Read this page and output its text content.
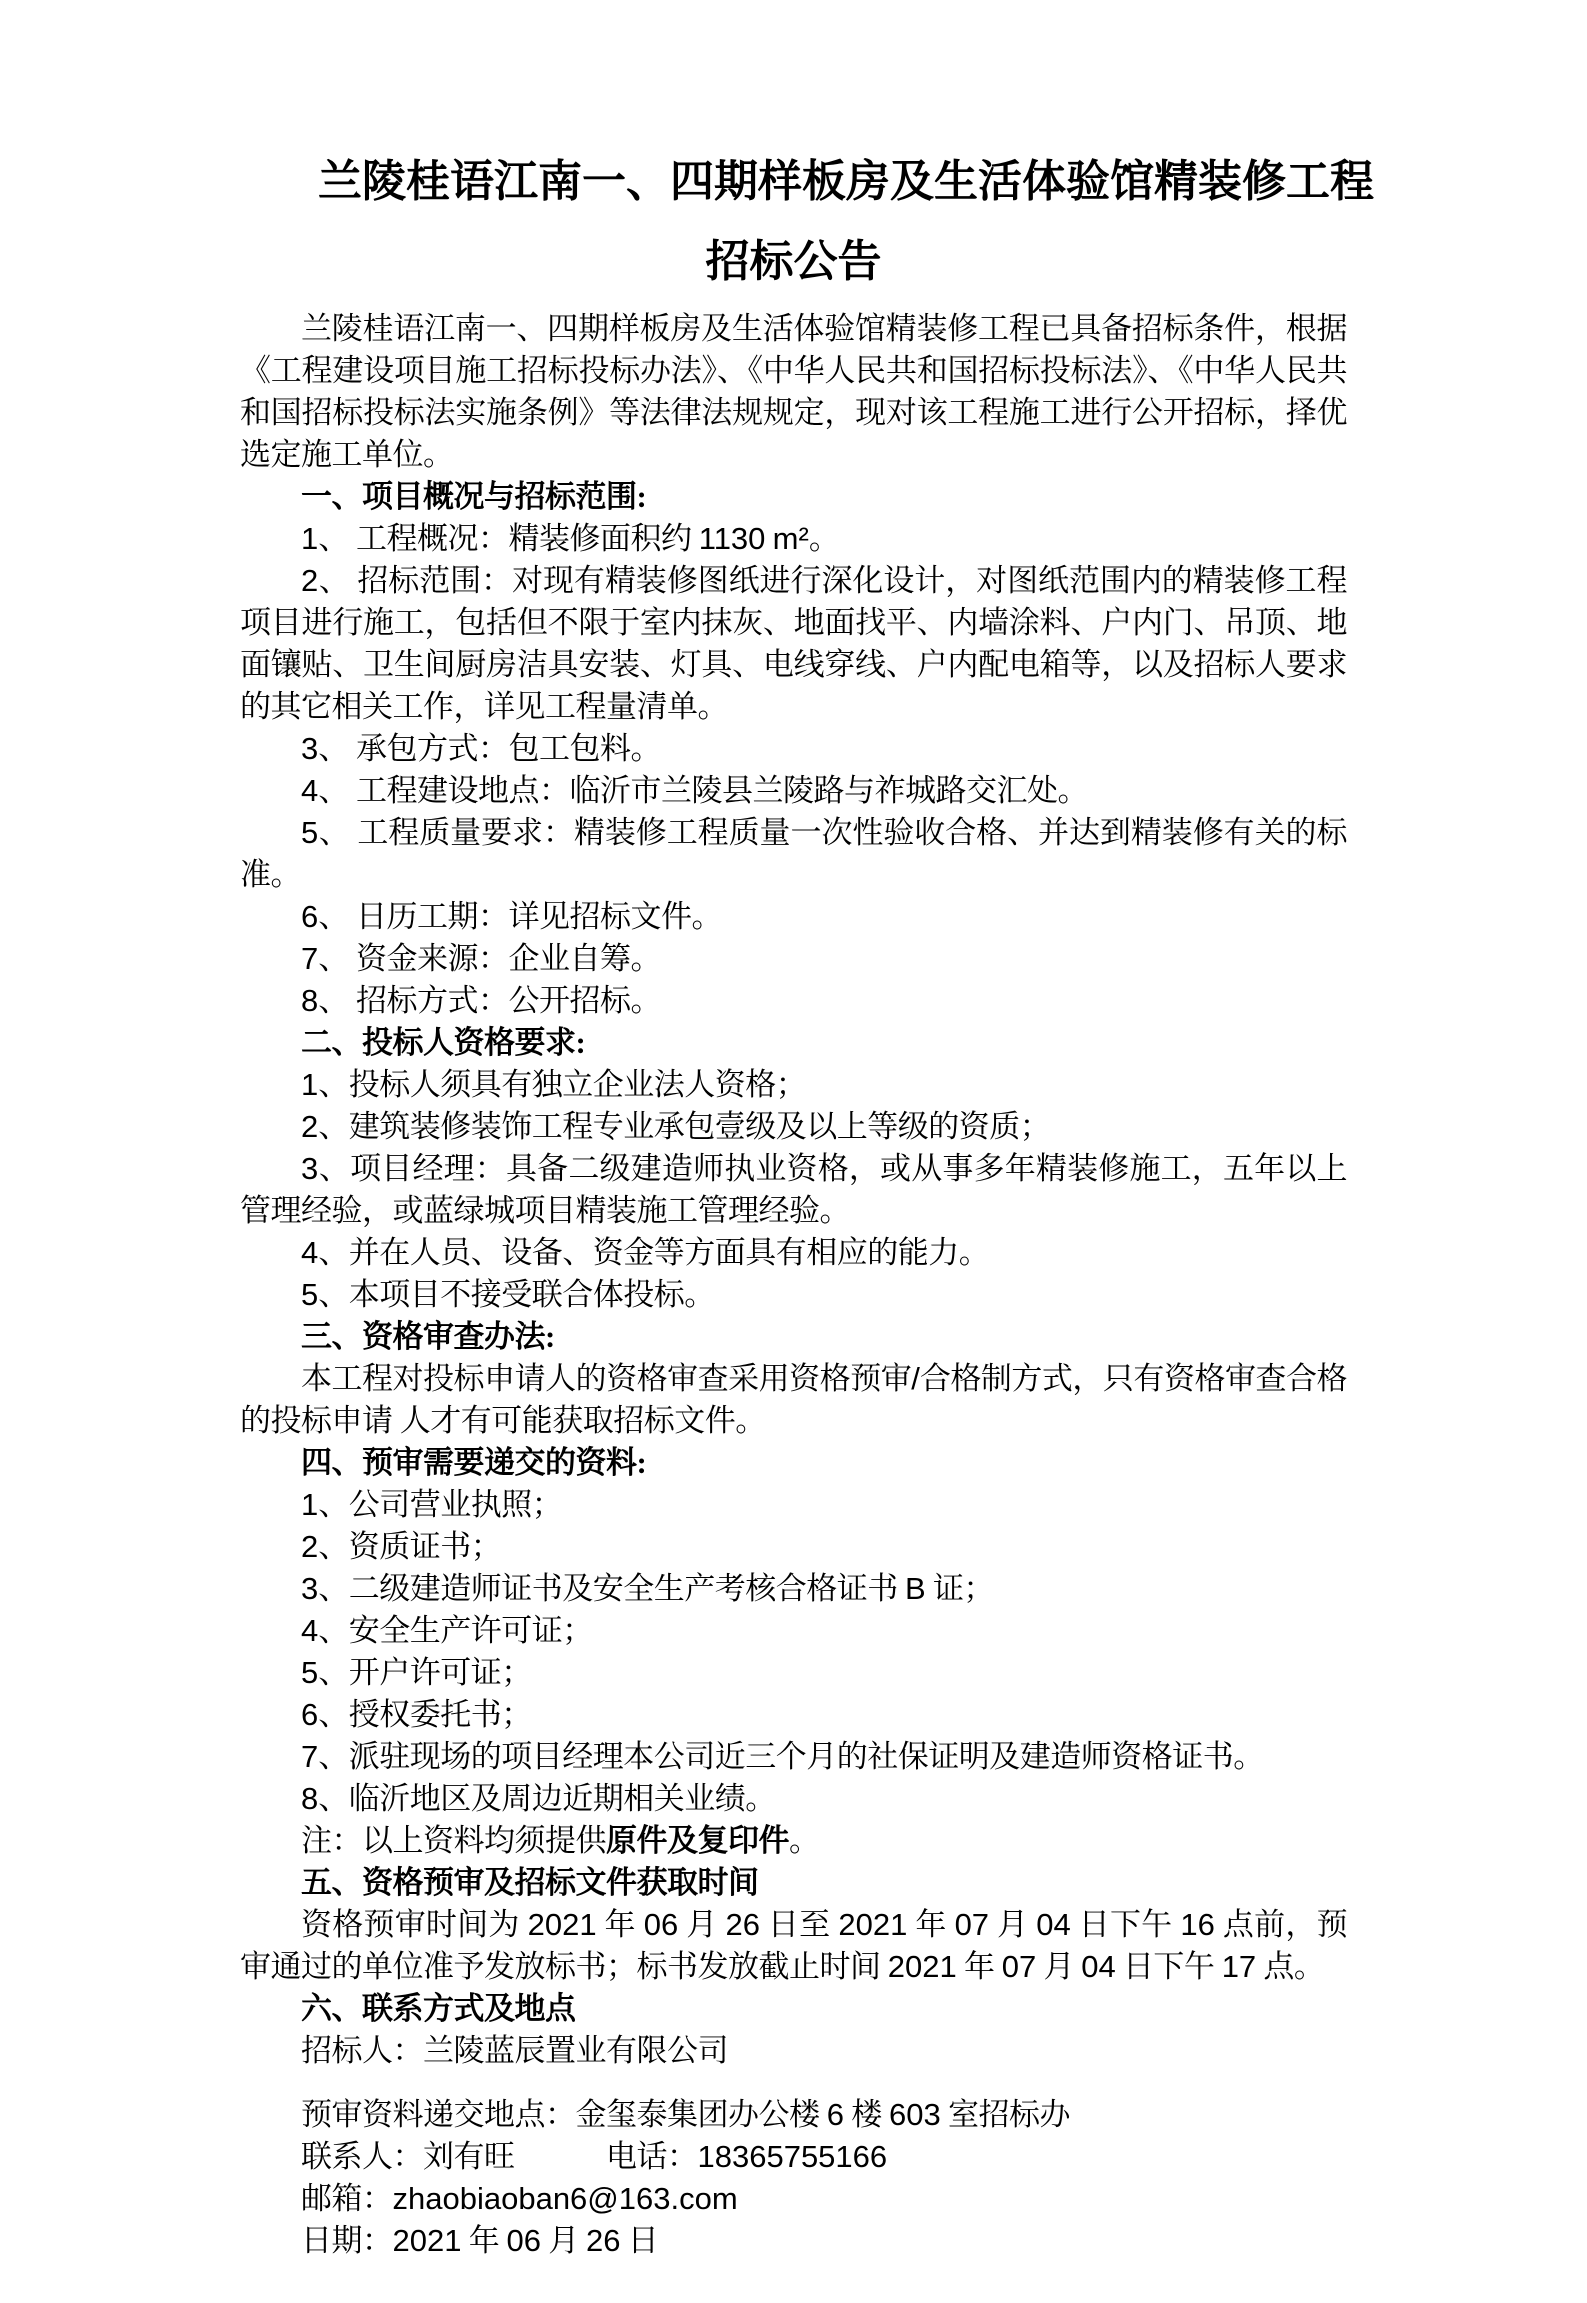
兰陵桂语江南一、四期样板房及生活体验馆精装修工程
招标公告

兰陵桂语江南一、四期样板房及生活体验馆精装修工程已具备招标条件，根据《工程建设项目施工招标投标办法》、《中华人民共和国招标投标法》、《中华人民共和国招标投标法实施条例》等法律法规规定，现对该工程施工进行公开招标，择优选定施工单位。

一、项目概况与招标范围:

1、 工程概况：精装修面积约 1130 m²。

2、 招标范围：对现有精装修图纸进行深化设计，对图纸范围内的精装修工程项目进行施工，包括但不限于室内抹灰、地面找平、内墙涂料、户内门、吊顶、地面镶贴、卫生间厨房洁具安装、灯具、电线穿线、户内配电箱等，以及招标人要求的其它相关工作，详见工程量清单。

3、 承包方式：包工包料。

4、 工程建设地点：临沂市兰陵县兰陵路与祚城路交汇处。

5、 工程质量要求：精装修工程质量一次性验收合格、并达到精装修有关的标准。

6、 日历工期：详见招标文件。

7、 资金来源：企业自筹。

8、 招标方式：公开招标。

二、投标人资格要求:

1、投标人须具有独立企业法人资格；

2、建筑装修装饰工程专业承包壹级及以上等级的资质；

3、项目经理：具备二级建造师执业资格，或从事多年精装修施工，五年以上管理经验，或蓝绿城项目精装施工管理经验。

4、并在人员、设备、资金等方面具有相应的能力。

5、本项目不接受联合体投标。

三、资格审查办法:

本工程对投标申请人的资格审查采用资格预审/合格制方式，只有资格审查合格的投标申请 人才有可能获取招标文件。

四、预审需要递交的资料:

1、公司营业执照；

2、资质证书；

3、二级建造师证书及安全生产考核合格证书 B 证；

4、安全生产许可证；

5、开户许可证；

6、授权委托书；

7、派驻现场的项目经理本公司近三个月的社保证明及建造师资格证书。

8、临沂地区及周边近期相关业绩。

注：以上资料均须提供原件及复印件。

五、资格预审及招标文件获取时间

资格预审时间为 2021 年 06 月 26 日至 2021 年 07 月 04 日下午 16 点前，预审通过的单位准予发放标书；标书发放截止时间 2021 年 07 月 04 日下午 17 点。

六、联系方式及地点

招标人：兰陵蓝辰置业有限公司

预审资料递交地点：金玺泰集团办公楼 6 楼 603 室招标办

联系人：刘有旺　　　电话：18365755166

邮箱：zhaobiaoban6@163.com

日期：2021 年 06 月 26 日
